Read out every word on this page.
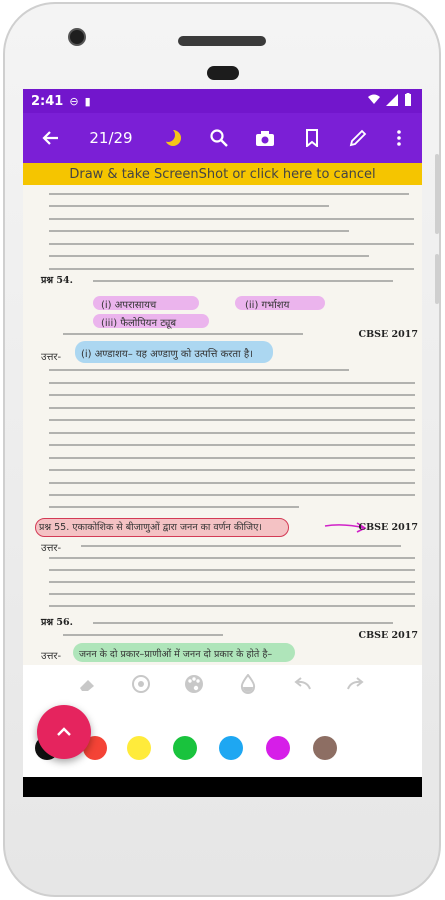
2:41 ⊖ ▮
21/29
Draw & take ScreenShot or click here to cancel
प्रश्न 54.
(i) अपरासायच	(ii) गर्भाशय
(iii) फैलोपियन ट्यूब
CBSE 2017
उत्तर- (i) अण्डाशय– यह अण्डाणु को उत्पत्ति करता है।
प्रश्न 55. एकाकोशिक से बीजाणुओं द्वारा जनन का वर्णन कीजिए।	CBSE 2017
उत्तर-
प्रश्न 56.
CBSE 2017
उत्तर- जनन के दो प्रकार–प्राणीओं में जनन दो प्रकार के होते है–
